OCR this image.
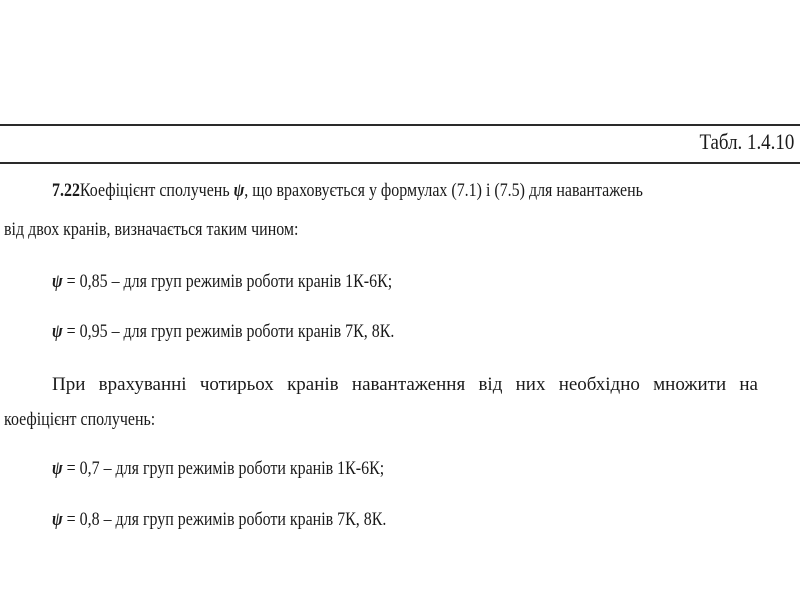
Табл. 1.4.10
7.22Коефіцієнт сполучень ψ, що враховується у формулах (7.1) і (7.5) для навантажень
від двох кранів, визначається таким чином:
ψ = 0,85 – для груп режимів роботи кранів 1К-6К;
ψ = 0,95 – для груп режимів роботи кранів 7К, 8К.
При врахуванні чотирьох кранів навантаження від них необхідно множити на
коефіцієнт сполучень:
ψ = 0,7 – для груп режимів роботи кранів 1К-6К;
ψ = 0,8 – для груп режимів роботи кранів 7К, 8К.
